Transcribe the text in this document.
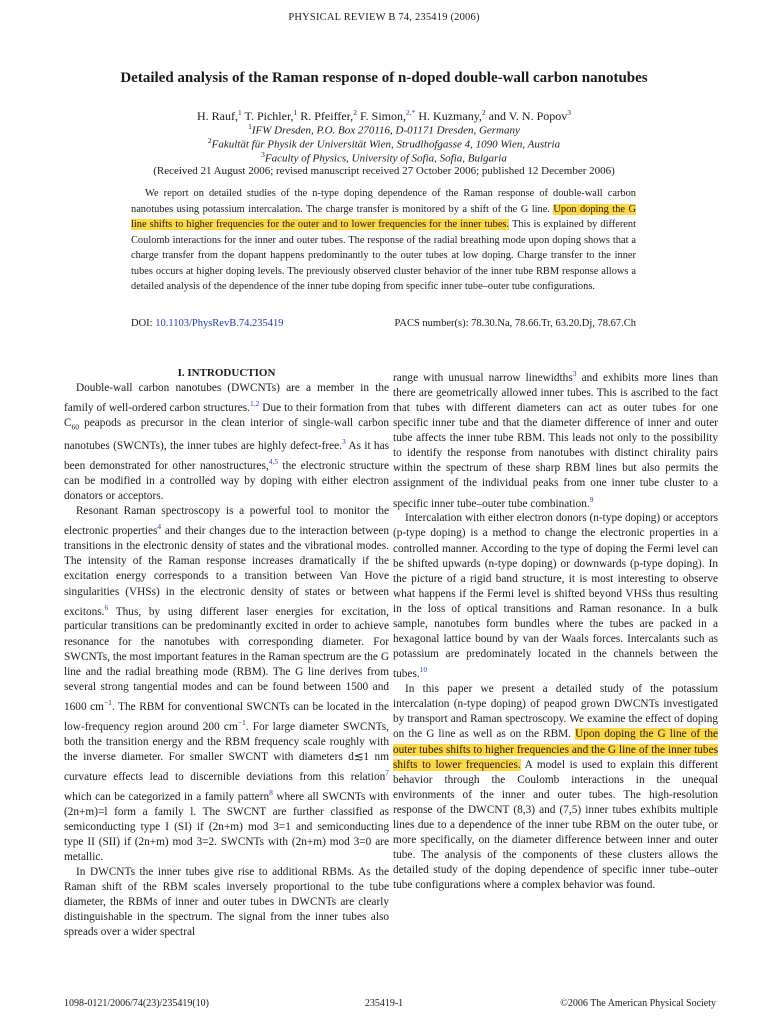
PHYSICAL REVIEW B 74, 235419 (2006)
Detailed analysis of the Raman response of n-doped double-wall carbon nanotubes
H. Rauf,$^1$ T. Pichler,$^1$ R. Pfeiffer,$^2$ F. Simon,$^{2,*}$ H. Kuzmany,$^2$ and V. N. Popov$^3$
$^1$IFW Dresden, P.O. Box 270116, D-01171 Dresden, Germany
$^2$Fakultät für Physik der Universität Wien, Strudlhofgasse 4, 1090 Wien, Austria
$^3$Faculty of Physics, University of Sofia, Sofia, Bulgaria
(Received 21 August 2006; revised manuscript received 27 October 2006; published 12 December 2006)

We report on detailed studies of the n-type doping dependence of the Raman response of double-wall carbon nanotubes using potassium intercalation. The charge transfer is monitored by a shift of the G line. Upon doping the G line shifts to higher frequencies for the outer and to lower frequencies for the inner tubes. This is explained by different Coulomb interactions for the inner and outer tubes. The response of the radial breathing mode upon doping shows that a charge transfer from the dopant happens predominantly to the outer tubes at low doping. Charge transfer to the inner tubes occurs at higher doping levels. The previously observed cluster behavior of the inner tube RBM response allows a detailed analysis of the dependence of the inner tube doping from specific inner tube–outer tube configurations.

DOI: 10.1103/PhysRevB.74.235419	PACS number(s): 78.30.Na, 78.66.Tr, 63.20.Dj, 78.67.Ch

I. INTRODUCTION

Double-wall carbon nanotubes (DWCNTs) are a member in the family of well-ordered carbon structures.$^{1,2}$ Due to their formation from $C_{60}$ peapods as precursor in the clean interior of single-wall carbon nanotubes (SWCNTs), the inner tubes are highly defect-free.$^3$ As it has been demonstrated for other nanostructures,$^{4,5}$ the electronic structure can be modified in a controlled way by doping with either electron donators or acceptors.

Resonant Raman spectroscopy is a powerful tool to monitor the electronic properties$^4$ and their changes due to the interaction between transitions in the electronic density of states and the vibrational modes. The intensity of the Raman response increases dramatically if the excitation energy corresponds to a transition between Van Hove singularities (VHSs) in the electronic density of states or between excitons.$^6$ Thus, by using different laser energies for excitation, particular transitions can be predominantly excited in order to achieve resonance for the nanotubes with corresponding diameter. For SWCNTs, the most important features in the Raman spectrum are the G line and the radial breathing mode (RBM). The G line derives from several strong tangential modes and can be found between 1500 and 1600 $cm^{-1}$. The RBM for conventional SWCNTs can be located in the low-frequency region around 200 $cm^{-1}$. For large diameter SWCNTs, both the transition energy and the RBM frequency scale roughly with the inverse diameter. For smaller SWCNT with diameters d≲1 nm curvature effects lead to discernible deviations from this relation$^7$ which can be categorized in a family pattern$^8$ where all SWCNTs with (2n+m)=l form a family l. The SWCNT are further classified as semiconducting type I (SI) if (2n+m) mod 3=1 and semiconducting type II (SII) if (2n+m) mod 3=2. SWCNTs with (2n+m) mod 3=0 are metallic.

In DWCNTs the inner tubes give rise to additional RBMs. As the Raman shift of the RBM scales inversely proportional to the tube diameter, the RBMs of inner and outer tubes in DWCNTs are clearly distinguishable in the spectrum. The signal from the inner tubes also spreads over a wider spectral

range with unusual narrow linewidths$^3$ and exhibits more lines than there are geometrically allowed inner tubes. This is ascribed to the fact that tubes with different diameters can act as outer tubes for one specific inner tube and that the diameter difference of inner and outer tube affects the inner tube RBM. This leads not only to the possibility to identify the response from nanotubes with distinct chirality pairs within the spectrum of these sharp RBM lines but also permits the assignment of the individual peaks from one inner tube cluster to a specific inner tube–outer tube combination.$^9$

Intercalation with either electron donors (n-type doping) or acceptors (p-type doping) is a method to change the electronic properties in a controlled manner. According to the type of doping the Fermi level can be shifted upwards (n-type doping) or downwards (p-type doping). In the picture of a rigid band structure, it is most interesting to observe what happens if the Fermi level is shifted beyond VHSs thus resulting in the loss of optical transitions and Raman resonance. In a bulk sample, nanotubes form bundles where the tubes are packed in a hexagonal lattice bound by van der Waals forces. Intercalants such as potassium are predominately located in the channels between the tubes.$^{10}$

In this paper we present a detailed study of the potassium intercalation (n-type doping) of peapod grown DWCNTs investigated by transport and Raman spectroscopy. We examine the effect of doping on the G line as well as on the RBM. Upon doping the G line of the outer tubes shifts to higher frequencies and the G line of the inner tubes shifts to lower frequencies. A model is used to explain this different behavior through the Coulomb interactions in the unequal environments of the inner and outer tubes. The high-resolution response of the DWCNT (8,3) and (7,5) inner tubes exhibits multiple lines due to a dependence of the inner tube RBM on the outer tube, or more specifically, on the diameter difference between inner and outer tube. The analysis of the components of these clusters allows the detailed study of the doping dependence of specific inner tube–outer tube configurations where a complex behavior was found.

1098-0121/2006/74(23)/235419(10)	235419-1	©2006 The American Physical Society
